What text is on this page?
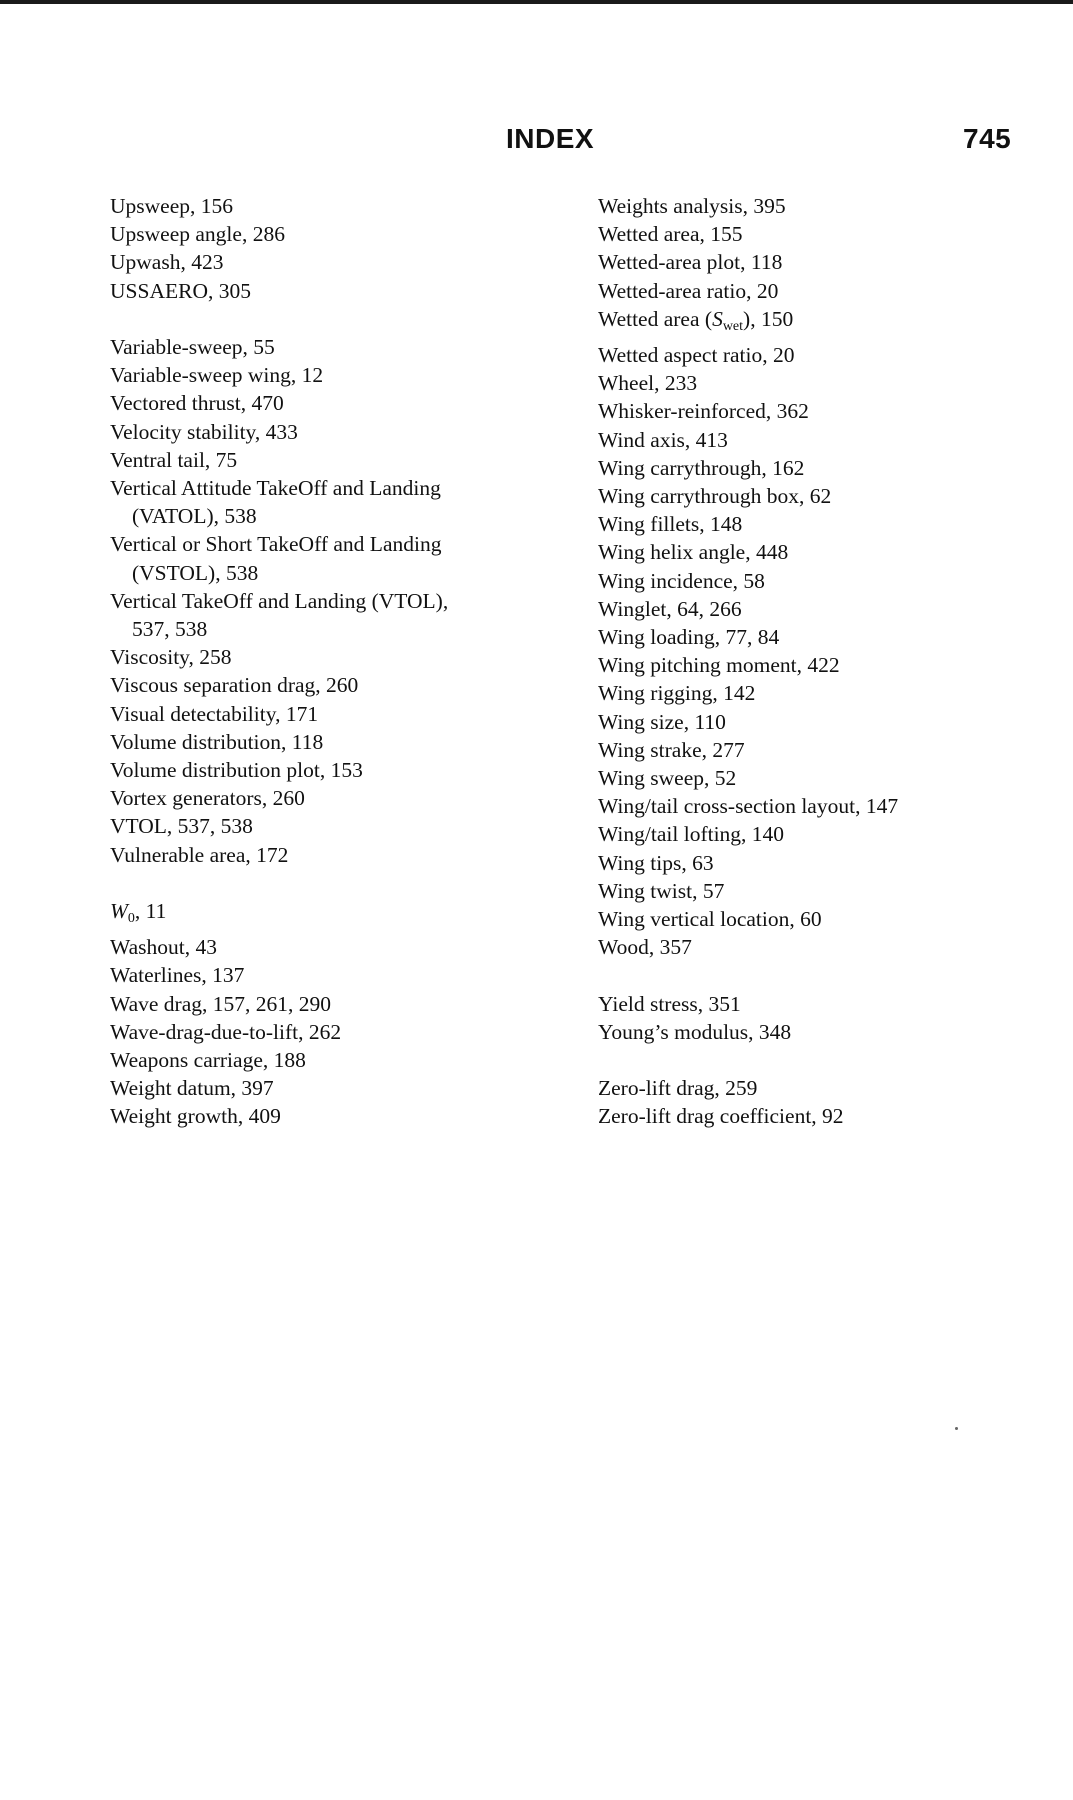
INDEX	745
Upsweep, 156
Upsweep angle, 286
Upwash, 423
USSAERO, 305
Variable-sweep, 55
Variable-sweep wing, 12
Vectored thrust, 470
Velocity stability, 433
Ventral tail, 75
Vertical Attitude TakeOff and Landing
(VATOL), 538
Vertical or Short TakeOff and Landing
(VSTOL), 538
Vertical TakeOff and Landing (VTOL),
537, 538
Viscosity, 258
Viscous separation drag, 260
Visual detectability, 171
Volume distribution, 118
Volume distribution plot, 153
Vortex generators, 260
VTOL, 537, 538
Vulnerable area, 172
$W_0$, 11
Washout, 43
Waterlines, 137
Wave drag, 157, 261, 290
Wave-drag-due-to-lift, 262
Weapons carriage, 188
Weight datum, 397
Weight growth, 409
Weights analysis, 395
Wetted area, 155
Wetted-area plot, 118
Wetted-area ratio, 20
Wetted area $(S_{wet})$, 150
Wetted aspect ratio, 20
Wheel, 233
Whisker-reinforced, 362
Wind axis, 413
Wing carrythrough, 162
Wing carrythrough box, 62
Wing fillets, 148
Wing helix angle, 448
Wing incidence, 58
Winglet, 64, 266
Wing loading, 77, 84
Wing pitching moment, 422
Wing rigging, 142
Wing size, 110
Wing strake, 277
Wing sweep, 52
Wing/tail cross-section layout, 147
Wing/tail lofting, 140
Wing tips, 63
Wing twist, 57
Wing vertical location, 60
Wood, 357
Yield stress, 351
Young’s modulus, 348
Zero-lift drag, 259
Zero-lift drag coefficient, 92
